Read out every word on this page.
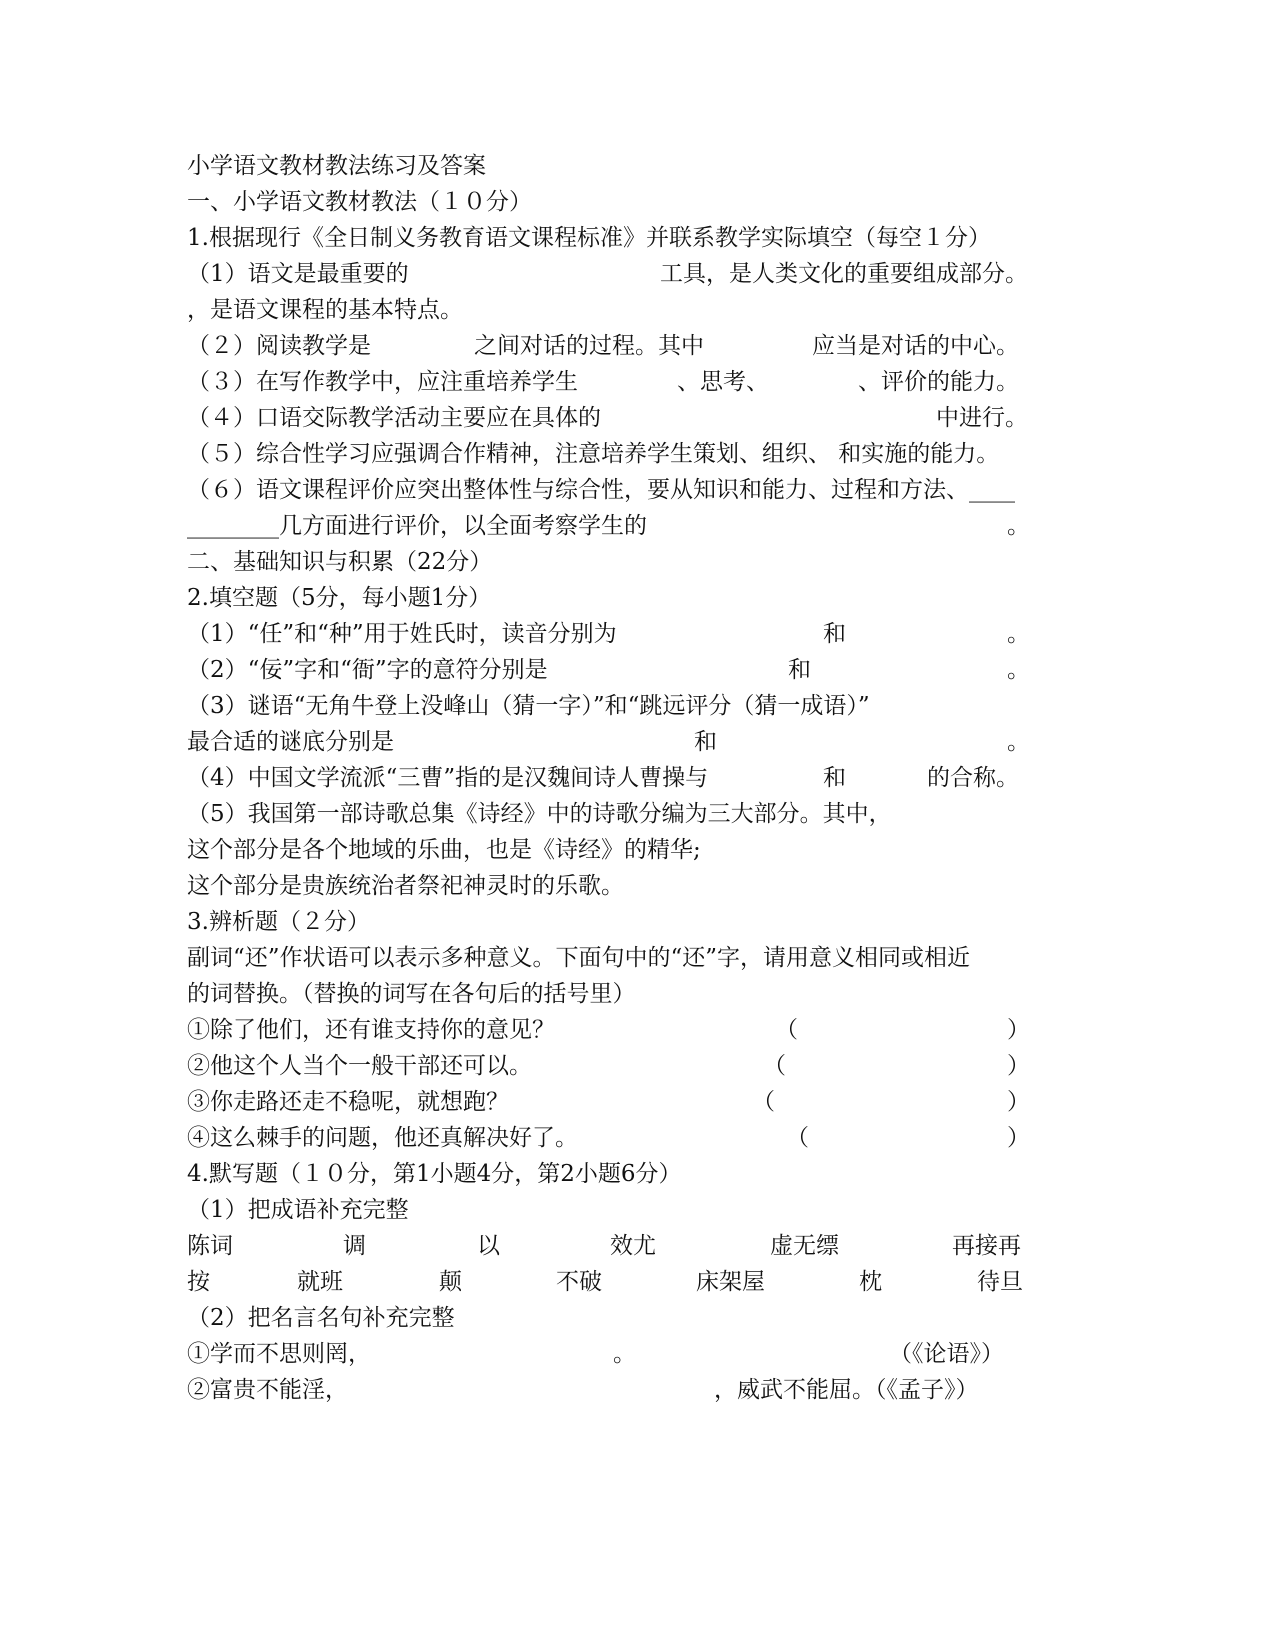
小学语文教材教法练习及答案
一、小学语文教材教法（１０分）
1.根据现行《全日制义务教育语文课程标准》并联系教学实际填空（每空１分）
（1）语文是最重要的	工具，是人类文化的重要组成部分。
，是语文课程的基本特点。
（２）阅读教学是	之间对话的过程。其中	应当是对话的中心。
（３）在写作教学中，应注重培养学生	、思考、	、评价的能力。
（４）口语交际教学活动主要应在具体的	中进行。
（５）综合性学习应强调合作精神，注意培养学生策划、组织、 和实施的能力。
（６）语文课程评价应突出整体性与综合性，要从知识和能力、过程和方法、____
________几方面进行评价，以全面考察学生的	。
二、基础知识与积累（22分）
2.填空题（5分，每小题1分）
（1）“任”和“种”用于姓氏时，读音分别为	和	。
（2）“佞”字和“衙”字的意符分别是	和	。
（3）谜语“无角牛登上没峰山（猜一字）”和“跳远评分（猜一成语）”
最合适的谜底分别是	和	。
（4）中国文学流派“三曹”指的是汉魏间诗人曹操与	和	的合称。
（5）我国第一部诗歌总集《诗经》中的诗歌分编为三大部分。其中，
这个部分是各个地域的乐曲，也是《诗经》的精华;
这个部分是贵族统治者祭祀神灵时的乐歌。
3.辨析题（２分）
副词“还”作状语可以表示多种意义。下面句中的“还”字，请用意义相同或相近
的词替换。（替换的词写在各句后的括号里）
①除了他们，还有谁支持你的意见？	（	）
②他这个人当个一般干部还可以。	（	）
③你走路还走不稳呢，就想跑？	（	）
④这么棘手的问题，他还真解决好了。	（	）
4.默写题（１０分，第1小题4分，第2小题6分）
（1）把成语补充完整
陈词	调	以	效尤	虚无缥	再接再
按	就班	颠	不破	床架屋	枕	待旦
（2）把名言名句补充完整
①学而不思则罔，	。	（《论语》）
②富贵不能淫，	，威武不能屈。（《孟子》）
